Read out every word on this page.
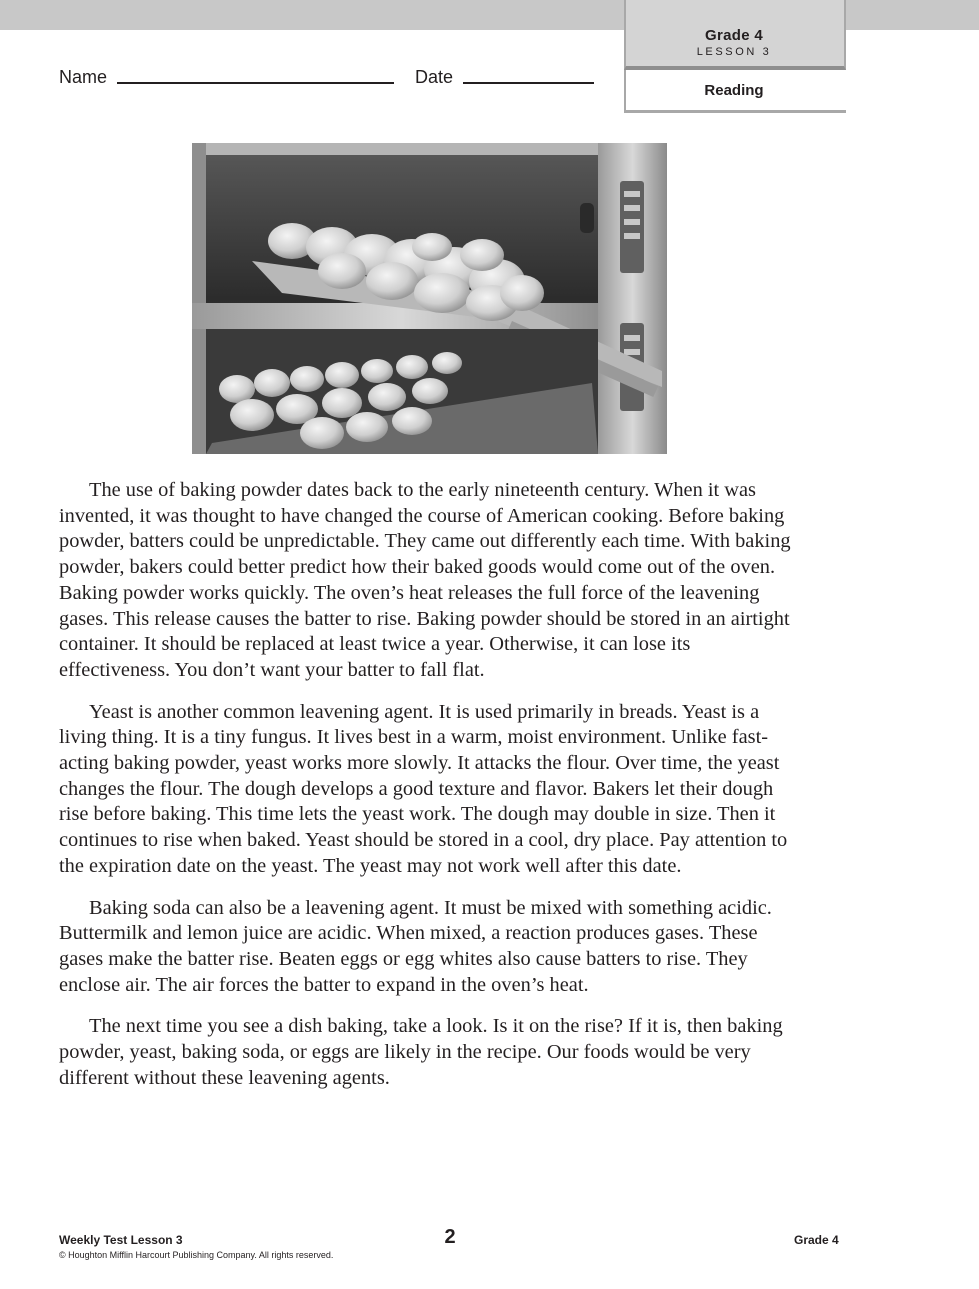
Grade 4
LESSON 3
Reading
Name	Date

The use of baking powder dates back to the early nineteenth century. When it was invented, it was thought to have changed the course of American cooking. Before baking powder, batters could be unpredictable. They came out differently each time. With baking powder, bakers could better predict how their baked goods would come out of the oven. Baking powder works quickly. The oven’s heat releases the full force of the leavening gases. This release causes the batter to rise. Baking powder should be stored in an airtight container. It should be replaced at least twice a year. Otherwise, it can lose its effectiveness. You don’t want your batter to fall flat.

Yeast is another common leavening agent. It is used primarily in breads. Yeast is a living thing. It is a tiny fungus. It lives best in a warm, moist environment. Unlike fast-acting baking powder, yeast works more slowly. It attacks the flour. Over time, the yeast changes the flour. The dough develops a good texture and flavor. Bakers let their dough rise before baking. This time lets the yeast work. The dough may double in size. Then it continues to rise when baked. Yeast should be stored in a cool, dry place. Pay attention to the expiration date on the yeast. The yeast may not work well after this date.

Baking soda can also be a leavening agent. It must be mixed with something acidic. Buttermilk and lemon juice are acidic. When mixed, a reaction produces gases. These gases make the batter rise. Beaten eggs or egg whites also cause batters to rise. They enclose air. The air forces the batter to expand in the oven’s heat.

The next time you see a dish baking, take a look. Is it on the rise? If it is, then baking powder, yeast, baking soda, or eggs are likely in the recipe. Our foods would be very different without these leavening agents.

Weekly Test Lesson 3
© Houghton Mifflin Harcourt Publishing Company. All rights reserved.
2	Grade 4
